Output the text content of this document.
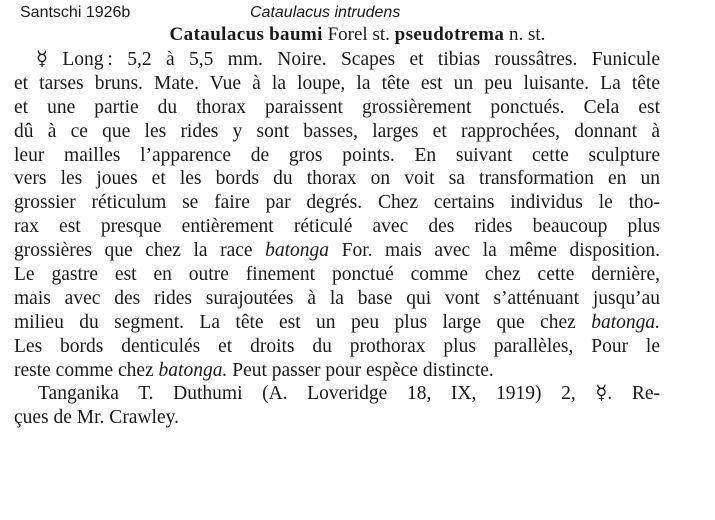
Santschi 1926b	Cataulacus intrudens
Cataulacus baumi Forel st. pseudotrema n. st.
☿ Long : 5,2 à 5,5 mm. Noire. Scapes et tibias roussâtres. Funicule
et tarses bruns. Mate. Vue à la loupe, la tête est un peu luisante. La tête
et une partie du thorax paraissent grossièrement ponctués. Cela est
dû à ce que les rides y sont basses, larges et rapprochées, donnant à
leur mailles l’apparence de gros points. En suivant cette sculpture
vers les joues et les bords du thorax on voit sa transformation en un
grossier réticulum se faire par degrés. Chez certains individus le tho-
rax est presque entièrement réticulé avec des rides beaucoup plus
grossières que chez la race batonga For. mais avec la même disposition.
Le gastre est en outre finement ponctué comme chez cette dernière,
mais avec des rides surajoutées à la base qui vont s’atténuant jusqu’au
milieu du segment. La tête est un peu plus large que chez batonga.
Les bords denticulés et droits du prothorax plus parallèles, Pour le
reste comme chez batonga. Peut passer pour espèce distincte.
Tanganika T. Duthumi (A. Loveridge 18, IX, 1919) 2, ☿. Re-
çues de Mr. Crawley.
